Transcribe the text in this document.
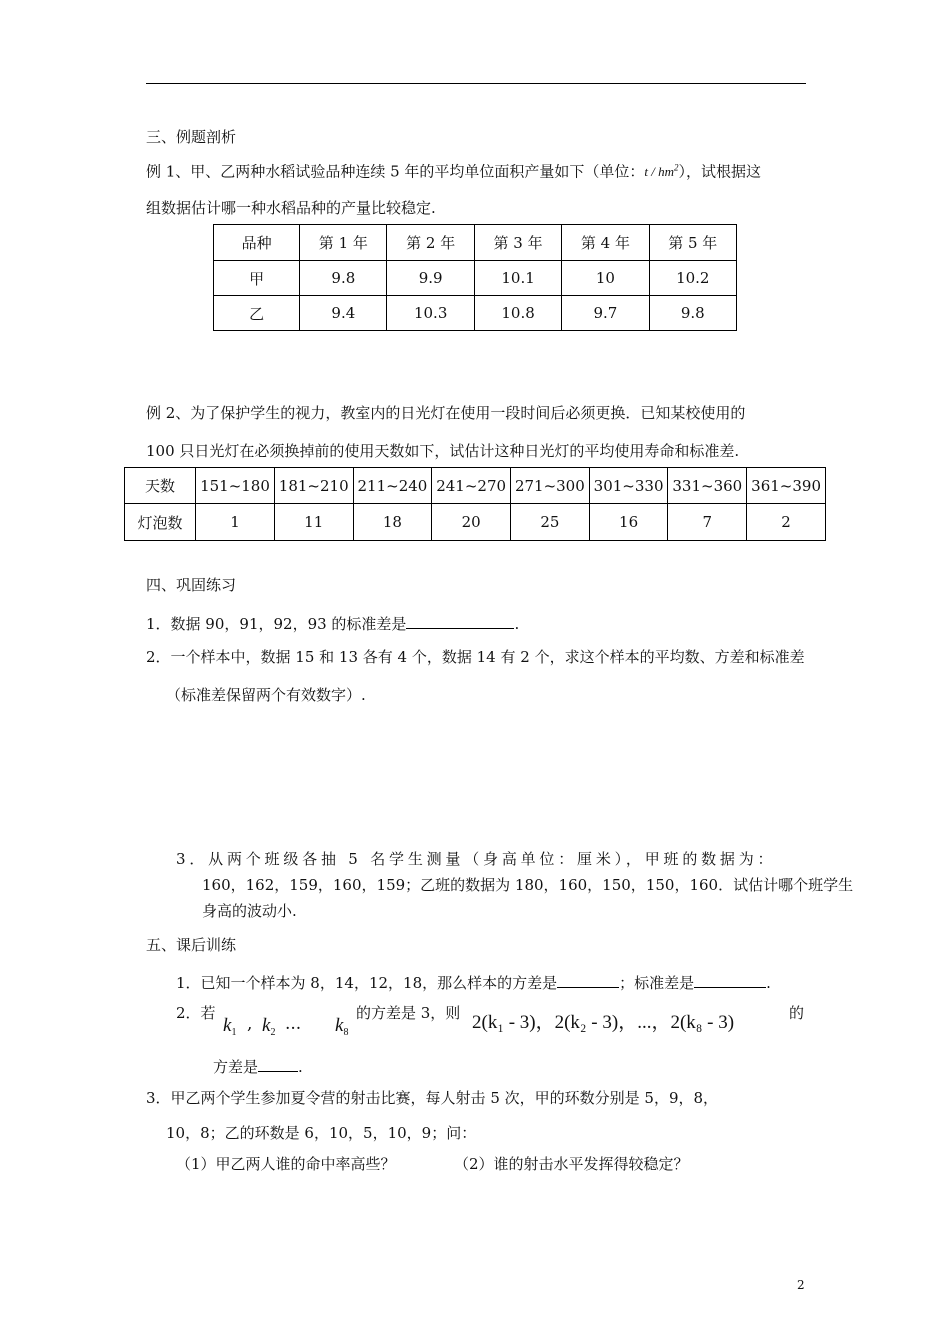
三、例题剖析
例 1、甲、乙两种水稻试验品种连续 5 年的平均单位面积产量如下（单位：t / $hm^2$），试根据这
组数据估计哪一种水稻品种的产量比较稳定.
品种	第 1 年	第 2 年	第 3 年	第 4 年	第 5 年
甲	9.8	9.9	10.1	10	10.2
乙	9.4	10.3	10.8	9.7	9.8
例 2、为了保护学生的视力，教室内的日光灯在使用一段时间后必须更换．已知某校使用的
100 只日光灯在必须换掉前的使用天数如下，试估计这种日光灯的平均使用寿命和标准差.
天数	151~180	181~210	211~240	241~270	271~300	301~330	331~360	361~390
灯泡数	1	11	18	20	25	16	7	2
四、巩固练习
1．数据 90，91，92，93 的标准差是	.
2．一个样本中，数据 15 和 13 各有 4 个，数据 14 有 2 个，求这个样本的平均数、方差和标准差
（标准差保留两个有效数字）.
3．从两个班级各抽 5 名学生测量（身高单位：厘米），甲班的数据为：
160，162，159，160，159；乙班的数据为 180，160，150，150，160．试估计哪个班学生
身高的波动小.
五、课后训练
1．已知一个样本为 8，14，12，18，那么样本的方差是	；标准差是	.
2．若
$k_1$ , $k_2$ ... $k_8$
的方差是 3，则 2(k₁ - 3)，2(k₂ - 3)，...，2(k₈ - 3)	的
方差是	.
3．甲乙两个学生参加夏令营的射击比赛，每人射击 5 次，甲的环数分别是 5，9，8，
10，8；乙的环数是 6，10，5，10，9；问：
（1）甲乙两人谁的命中率高些？	（2）谁的射击水平发挥得较稳定？
2
